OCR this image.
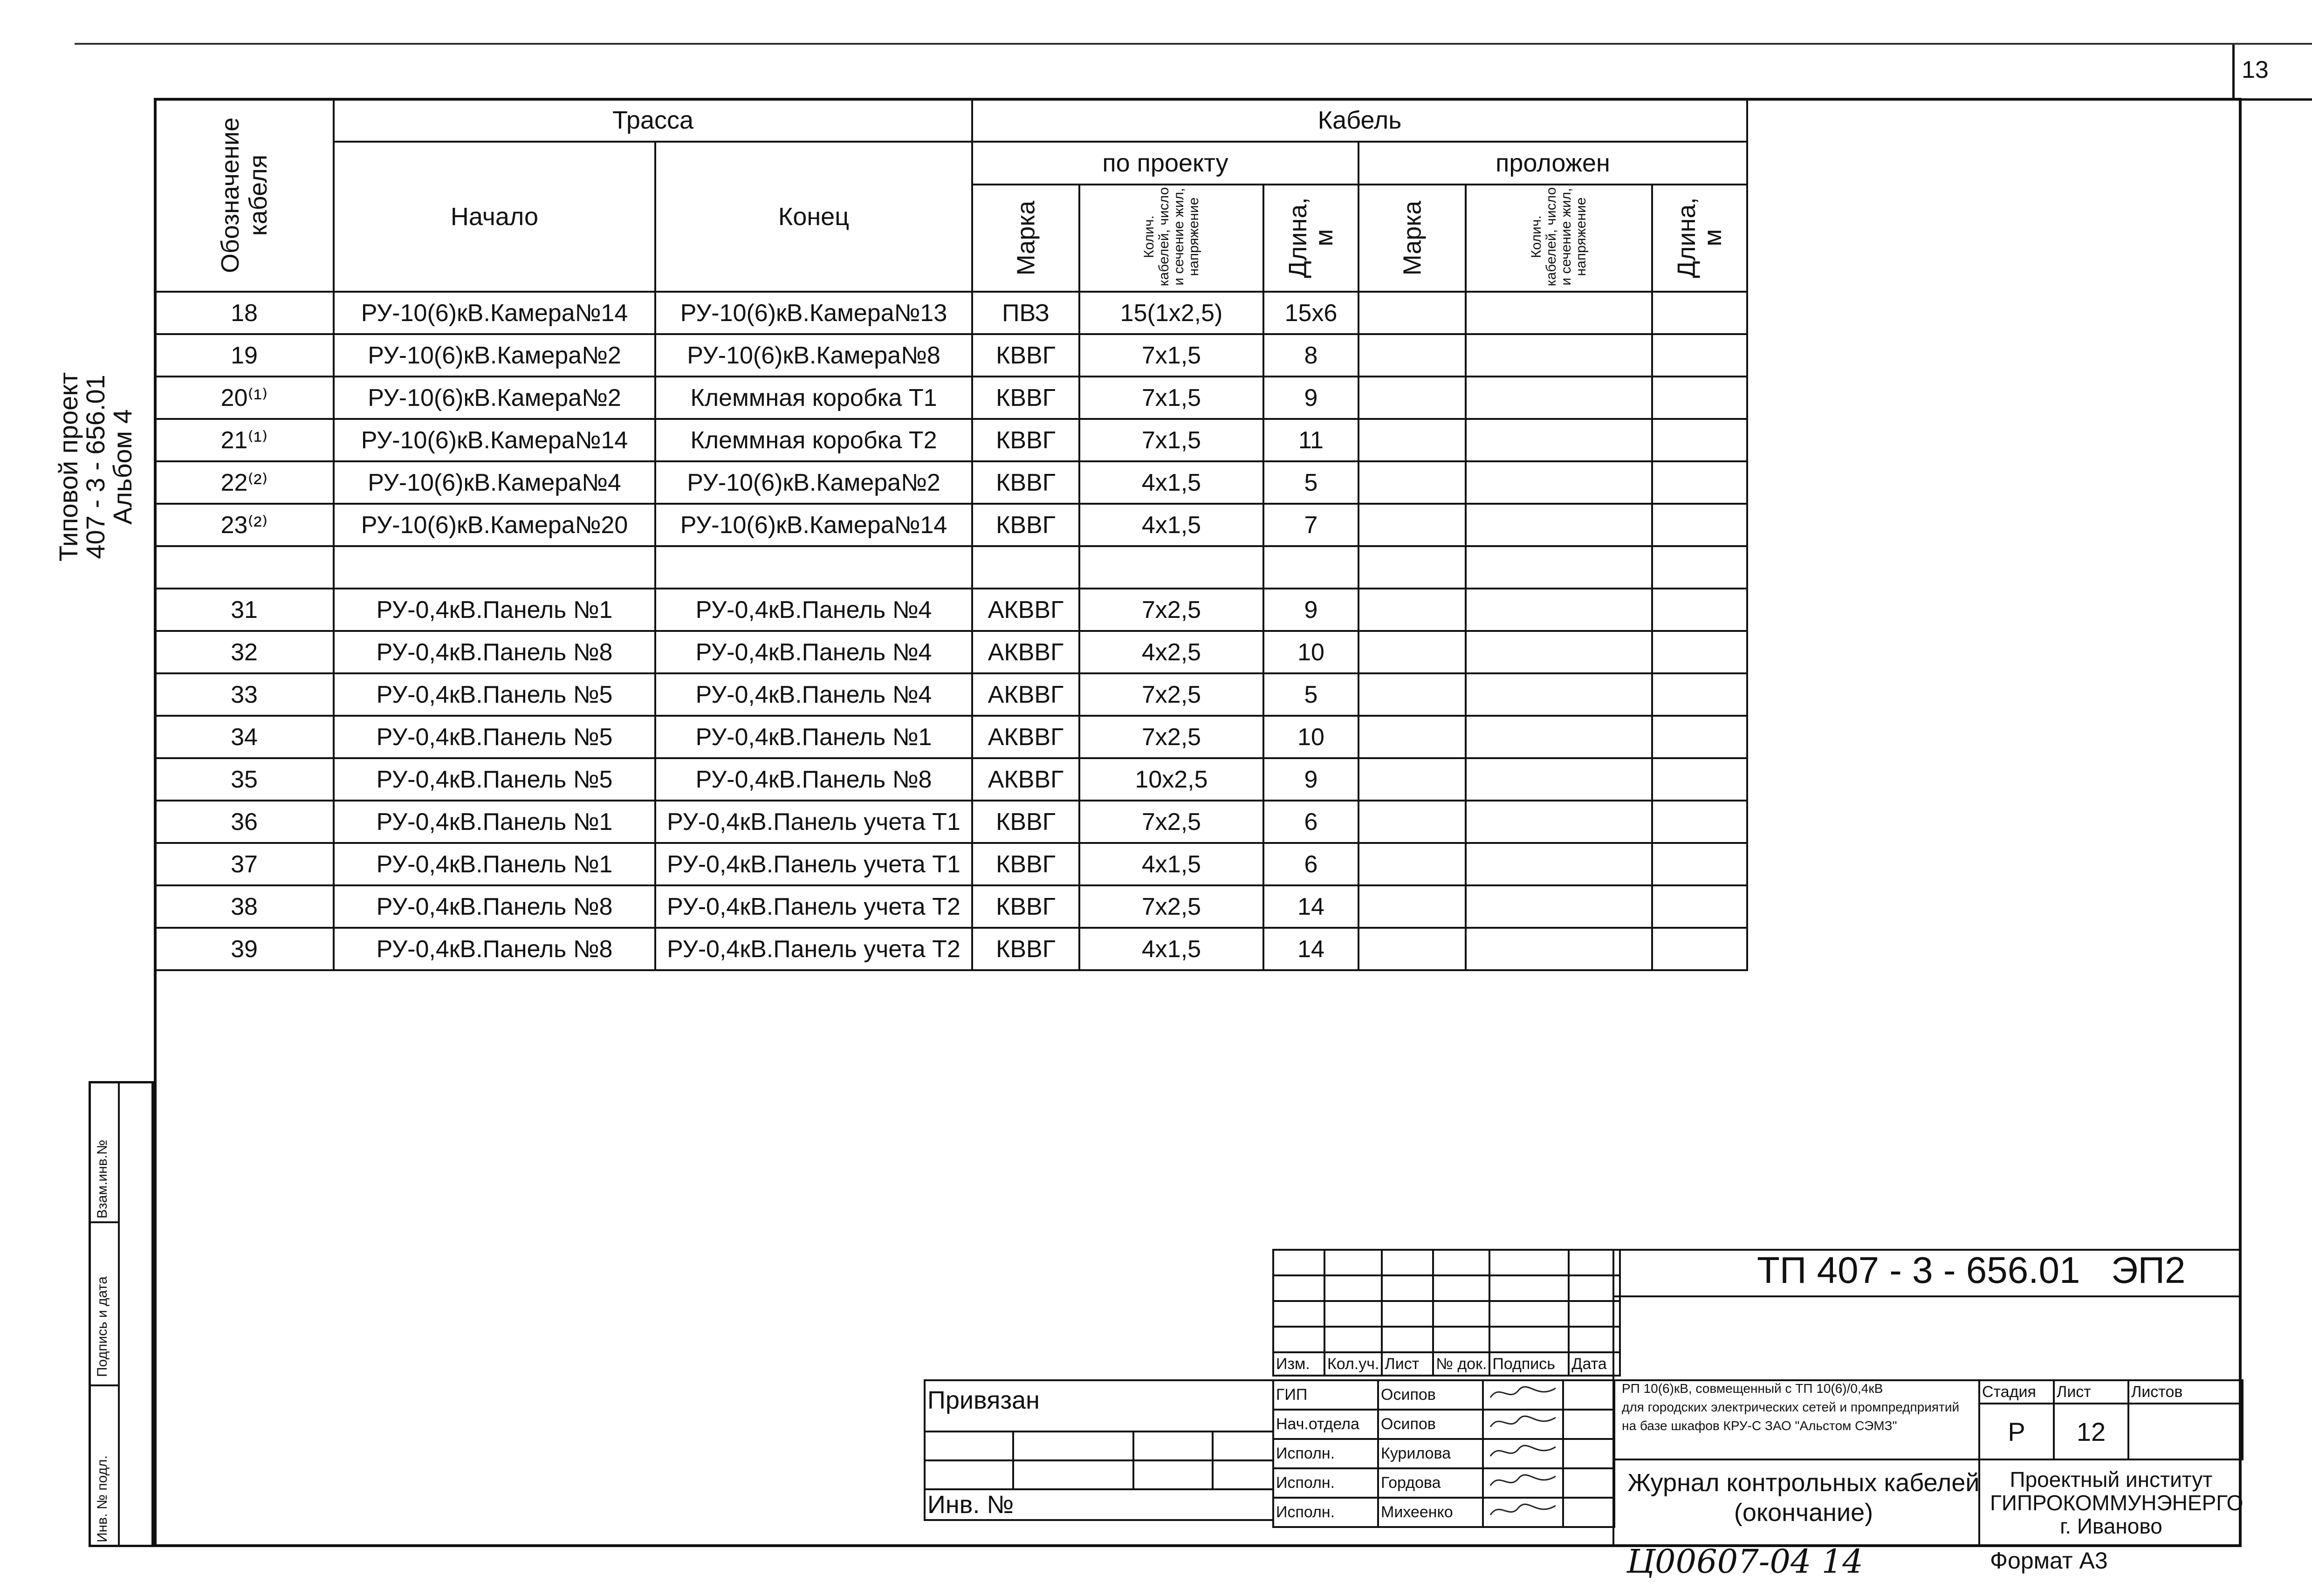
13
Типовой проект
407 - 3 - 656.01
Альбом 4
Взам.инв.№
Подпись и дата
Инв. № подл.
Обозначение кабеля	Трасса		Кабель					
	Начало	Конец	по проекту			проложен		
			Марка	Колич. кабелей, число и сечение жил, напряжение	Длина, м	Марка	Колич. кабелей, число и сечение жил, напряжение	Длина, м
18	РУ-10(6)кВ.Камера№14	РУ-10(6)кВ.Камера№13	ПВЗ	15(1х2,5)	15х6			
19	РУ-10(6)кВ.Камера№2	РУ-10(6)кВ.Камера№8	КВВГ	7х1,5	8			
20⁽¹⁾	РУ-10(6)кВ.Камера№2	Клеммная коробка Т1	КВВГ	7х1,5	9			
21⁽¹⁾	РУ-10(6)кВ.Камера№14	Клеммная коробка Т2	КВВГ	7х1,5	11			
22⁽²⁾	РУ-10(6)кВ.Камера№4	РУ-10(6)кВ.Камера№2	КВВГ	4х1,5	5			
23⁽²⁾	РУ-10(6)кВ.Камера№20	РУ-10(6)кВ.Камера№14	КВВГ	4х1,5	7			

31	РУ-0,4кВ.Панель №1	РУ-0,4кВ.Панель №4	АКВВГ	7х2,5	9			
32	РУ-0,4кВ.Панель №8	РУ-0,4кВ.Панель №4	АКВВГ	4х2,5	10			
33	РУ-0,4кВ.Панель №5	РУ-0,4кВ.Панель №4	АКВВГ	7х2,5	5			
34	РУ-0,4кВ.Панель №5	РУ-0,4кВ.Панель №1	АКВВГ	7х2,5	10			
35	РУ-0,4кВ.Панель №5	РУ-0,4кВ.Панель №8	АКВВГ	10х2,5	9			
36	РУ-0,4кВ.Панель №1	РУ-0,4кВ.Панель учета Т1	КВВГ	7х2,5	6			
37	РУ-0,4кВ.Панель №1	РУ-0,4кВ.Панель учета Т1	КВВГ	4х1,5	6			
38	РУ-0,4кВ.Панель №8	РУ-0,4кВ.Панель учета Т2	КВВГ	7х2,5	14			
39	РУ-0,4кВ.Панель №8	РУ-0,4кВ.Панель учета Т2	КВВГ	4х1,5	14			

Изм.	Кол.уч.	Лист	№ док.	Подпись	Дата
ГИП	Осипов		
Нач.отдела	Осипов		
Исполн.	Курилова		
Исполн.	Гордова		
Исполн.	Михеенко		
Привязан			

Инв. №			
ТП 407 - 3 - 656.01 ЭП2
РП 10(6)кВ, совмещенный с ТП 10(6)/0,4кВ
для городских электрических сетей и промпредприятий
на базе шкафов КРУ-С ЗАО "Альстом СЭМЗ"
Стадия	Лист	Листов
Р	12	
Журнал контрольных кабелей
(окончание)
Проектный институт
ГИПРОКОММУНЭНЕРГО
г. Иваново
Ц00607-04 14	Формат А3
